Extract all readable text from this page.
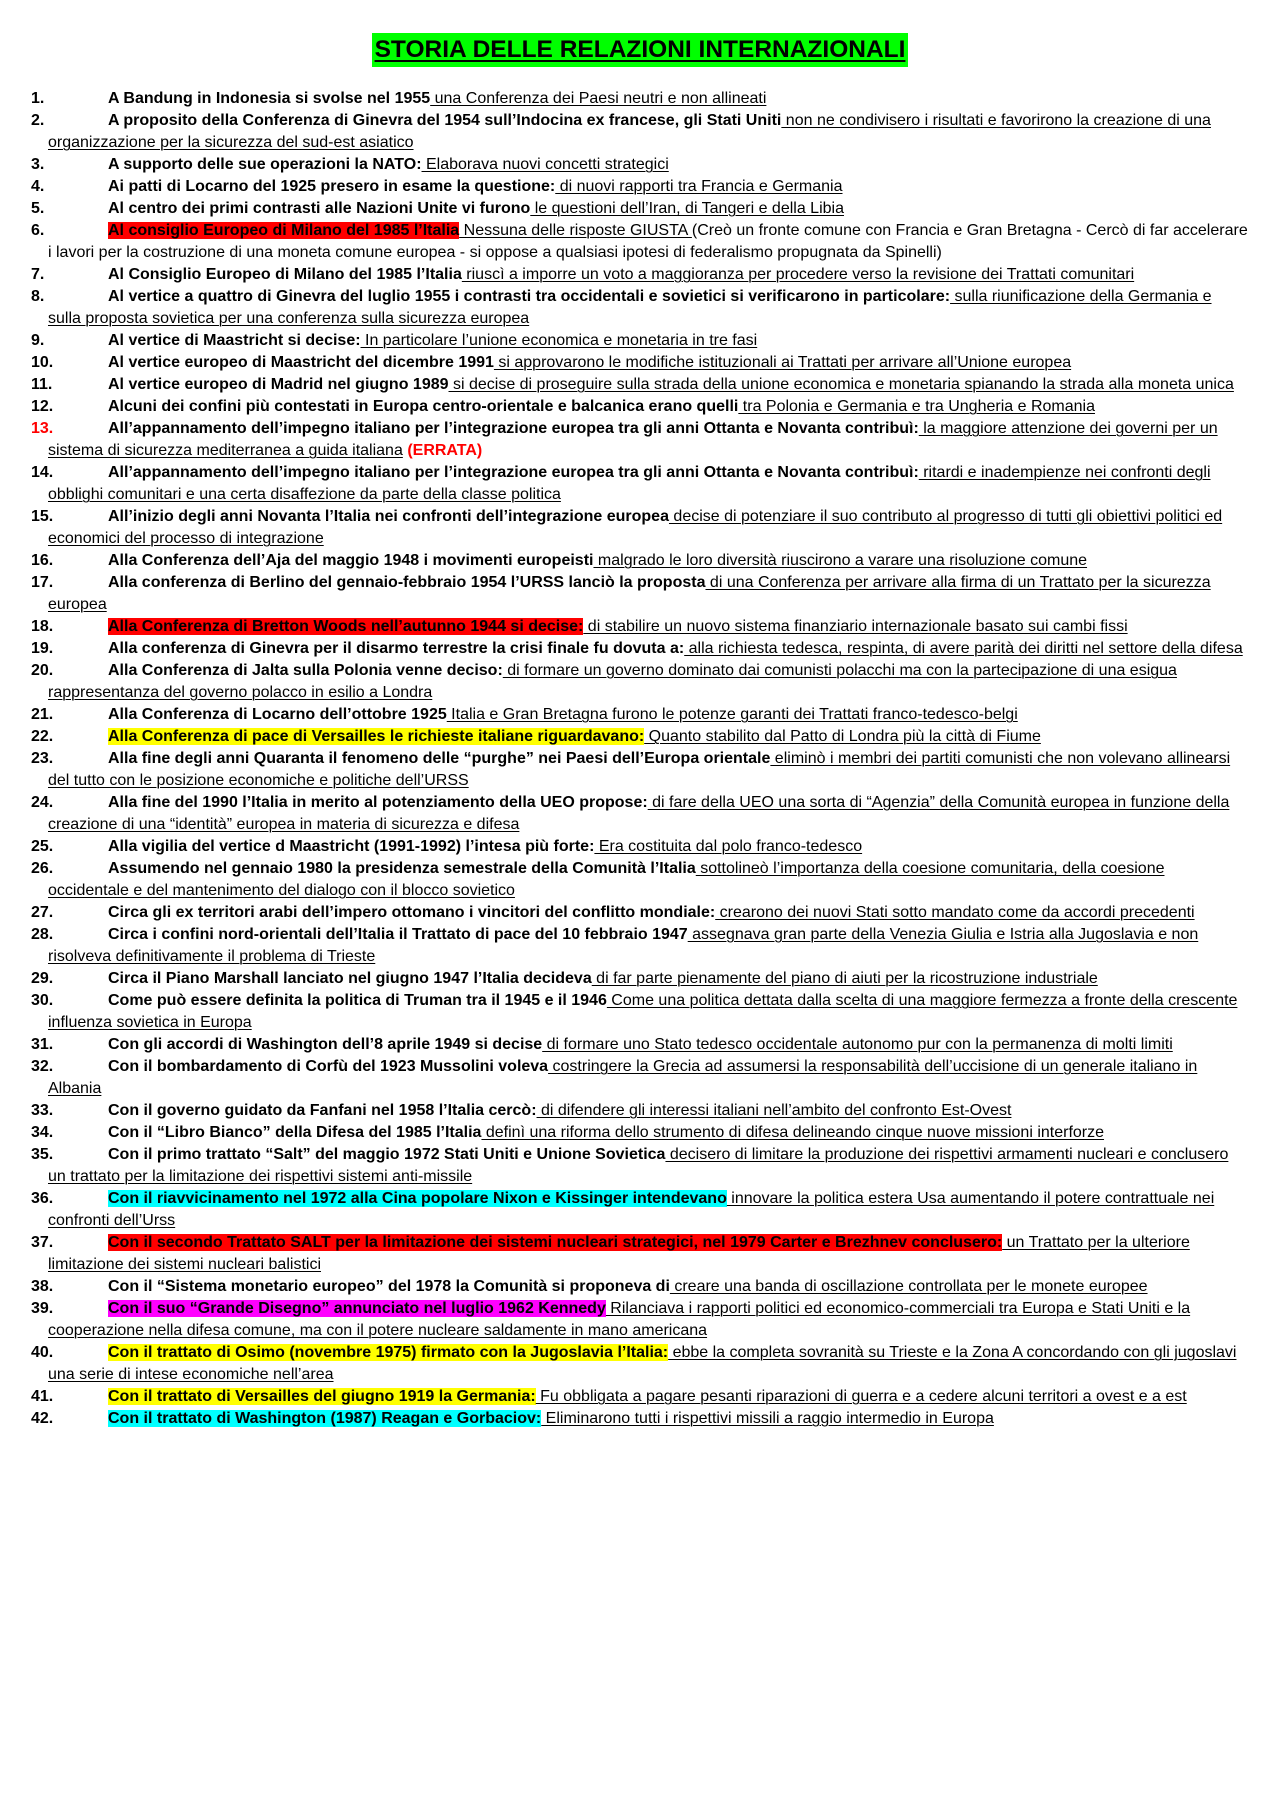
STORIA DELLE RELAZIONI INTERNAZIONALI
1.	A Bandung in Indonesia si svolse nel 1955 una Conferenza dei Paesi neutri e non allineati
2.	A proposito della Conferenza di Ginevra del 1954 sull’Indocina ex francese, gli Stati Uniti non ne condivisero i risultati e favorirono la creazione di una organizzazione per la sicurezza del sud-est asiatico
3.	A supporto delle sue operazioni la NATO: Elaborava nuovi concetti strategici
4.	Ai patti di Locarno del 1925 presero in esame la questione: di nuovi rapporti tra Francia e Germania
5.	Al centro dei primi contrasti alle Nazioni Unite vi furono le questioni dell’Iran, di Tangeri e della Libia
6.	Al consiglio Europeo di Milano del 1985 l’Italia Nessuna delle risposte GIUSTA (Creò un fronte comune con Francia e Gran Bretagna - Cercò di far accelerare i lavori per la costruzione di una moneta comune europea - si oppose a qualsiasi ipotesi di federalismo propugnata da Spinelli)
7.	Al Consiglio Europeo di Milano del 1985 l’Italia riuscì a imporre un voto a maggioranza per procedere verso la revisione dei Trattati comunitari
8.	Al vertice a quattro di Ginevra del luglio 1955 i contrasti tra occidentali e sovietici si verificarono in particolare: sulla riunificazione della Germania e sulla proposta sovietica per una conferenza sulla sicurezza europea
9.	Al vertice di Maastricht si decise: In particolare l’unione economica e monetaria in tre fasi
10.	Al vertice europeo di Maastricht del dicembre 1991 si approvarono le modifiche istituzionali ai Trattati per arrivare all’Unione europea
11.	Al vertice europeo di Madrid nel giugno 1989 si decise di proseguire sulla strada della unione economica e monetaria spianando la strada alla moneta unica
12.	Alcuni dei confini più contestati in Europa centro-orientale e balcanica erano quelli tra Polonia e Germania e tra Ungheria e Romania
13.	All’appannamento dell’impegno italiano per l’integrazione europea tra gli anni Ottanta e Novanta contribuì: la maggiore attenzione dei governi per un sistema di sicurezza mediterranea a guida italiana (ERRATA)
14.	All’appannamento dell’impegno italiano per l’integrazione europea tra gli anni Ottanta e Novanta contribuì: ritardi e inadempienze nei confronti degli obblighi comunitari e una certa disaffezione da parte della classe politica
15.	All’inizio degli anni Novanta l’Italia nei confronti dell’integrazione europea decise di potenziare il suo contributo al progresso di tutti gli obiettivi politici ed economici del processo di integrazione
16.	Alla Conferenza dell’Aja del maggio 1948 i movimenti europeisti malgrado le loro diversità riuscirono a varare una risoluzione comune
17.	Alla conferenza di Berlino del gennaio-febbraio 1954 l’URSS lanciò la proposta di una Conferenza per arrivare alla firma di un Trattato per la sicurezza europea
18.	Alla Conferenza di Bretton Woods nell’autunno 1944 si decise: di stabilire un nuovo sistema finanziario internazionale basato sui cambi fissi
19.	Alla conferenza di Ginevra per il disarmo terrestre la crisi finale fu dovuta a: alla richiesta tedesca, respinta, di avere parità dei diritti nel settore della difesa
20.	Alla Conferenza di Jalta sulla Polonia venne deciso: di formare un governo dominato dai comunisti polacchi ma con la partecipazione di una esigua rappresentanza del governo polacco in esilio a Londra
21.	Alla Conferenza di Locarno dell’ottobre 1925 Italia e Gran Bretagna furono le potenze garanti dei Trattati franco-tedesco-belgi
22.	Alla Conferenza di pace di Versailles le richieste italiane riguardavano: Quanto stabilito dal Patto di Londra più la città di Fiume
23.	Alla fine degli anni Quaranta il fenomeno delle “purghe” nei Paesi dell’Europa orientale eliminò i membri dei partiti comunisti che non volevano allinearsi del tutto con le posizione economiche e politiche dell’URSS
24.	Alla fine del 1990 l’Italia in merito al potenziamento della UEO propose: di fare della UEO una sorta di “Agenzia” della Comunità europea in funzione della creazione di una “identità” europea in materia di sicurezza e difesa
25.	Alla vigilia del vertice d Maastricht (1991-1992) l’intesa più forte: Era costituita dal polo franco-tedesco
26.	Assumendo nel gennaio 1980 la presidenza semestrale della Comunità l’Italia sottolineò l’importanza della coesione comunitaria, della coesione occidentale e del mantenimento del dialogo con il blocco sovietico
27.	Circa gli ex territori arabi dell’impero ottomano i vincitori del conflitto mondiale: crearono dei nuovi Stati sotto mandato come da accordi precedenti
28.	Circa i confini nord-orientali dell’Italia il Trattato di pace del 10 febbraio 1947 assegnava gran parte della Venezia Giulia e Istria alla Jugoslavia e non risolveva definitivamente il problema di Trieste
29.	Circa il Piano Marshall lanciato nel giugno 1947 l’Italia decideva di far parte pienamente del piano di aiuti per la ricostruzione industriale
30.	Come può essere definita la politica di Truman tra il 1945 e il 1946 Come una politica dettata dalla scelta di una maggiore fermezza a fronte della crescente influenza sovietica in Europa
31.	Con gli accordi di Washington dell’8 aprile 1949 si decise di formare uno Stato tedesco occidentale autonomo pur con la permanenza di molti limiti
32.	Con il bombardamento di Corfù del 1923 Mussolini voleva costringere la Grecia ad assumersi la responsabilità dell’uccisione di un generale italiano in Albania
33.	Con il governo guidato da Fanfani nel 1958 l’Italia cercò: di difendere gli interessi italiani nell’ambito del confronto Est-Ovest
34.	Con il “Libro Bianco” della Difesa del 1985 l’Italia definì una riforma dello strumento di difesa delineando cinque nuove missioni interforze
35.	Con il primo trattato “Salt” del maggio 1972 Stati Uniti e Unione Sovietica decisero di limitare la produzione dei rispettivi armamenti nucleari e conclusero un trattato per la limitazione dei rispettivi sistemi anti-missile
36.	Con il riavvicinamento nel 1972 alla Cina popolare Nixon e Kissinger intendevano innovare la politica estera Usa aumentando il potere contrattuale nei confronti dell’Urss
37.	Con il secondo Trattato SALT per la limitazione dei sistemi nucleari strategici, nel 1979 Carter e Brezhnev conclusero: un Trattato per la ulteriore limitazione dei sistemi nucleari balistici
38.	Con il “Sistema monetario europeo” del 1978 la Comunità si proponeva di creare una banda di oscillazione controllata per le monete europee
39.	Con il suo “Grande Disegno” annunciato nel luglio 1962 Kennedy Rilanciava i rapporti politici ed economico-commerciali tra Europa e Stati Uniti e la cooperazione nella difesa comune, ma con il potere nucleare saldamente in mano americana
40.	Con il trattato di Osimo (novembre 1975) firmato con la Jugoslavia l’Italia: ebbe la completa sovranità su Trieste e la Zona A concordando con gli jugoslavi una serie di intese economiche nell’area
41.	Con il trattato di Versailles del giugno 1919 la Germania: Fu obbligata a pagare pesanti riparazioni di guerra e a cedere alcuni territori a ovest e a est
42.	Con il trattato di Washington (1987) Reagan e Gorbaciov: Eliminarono tutti i rispettivi missili a raggio intermedio in Europa
